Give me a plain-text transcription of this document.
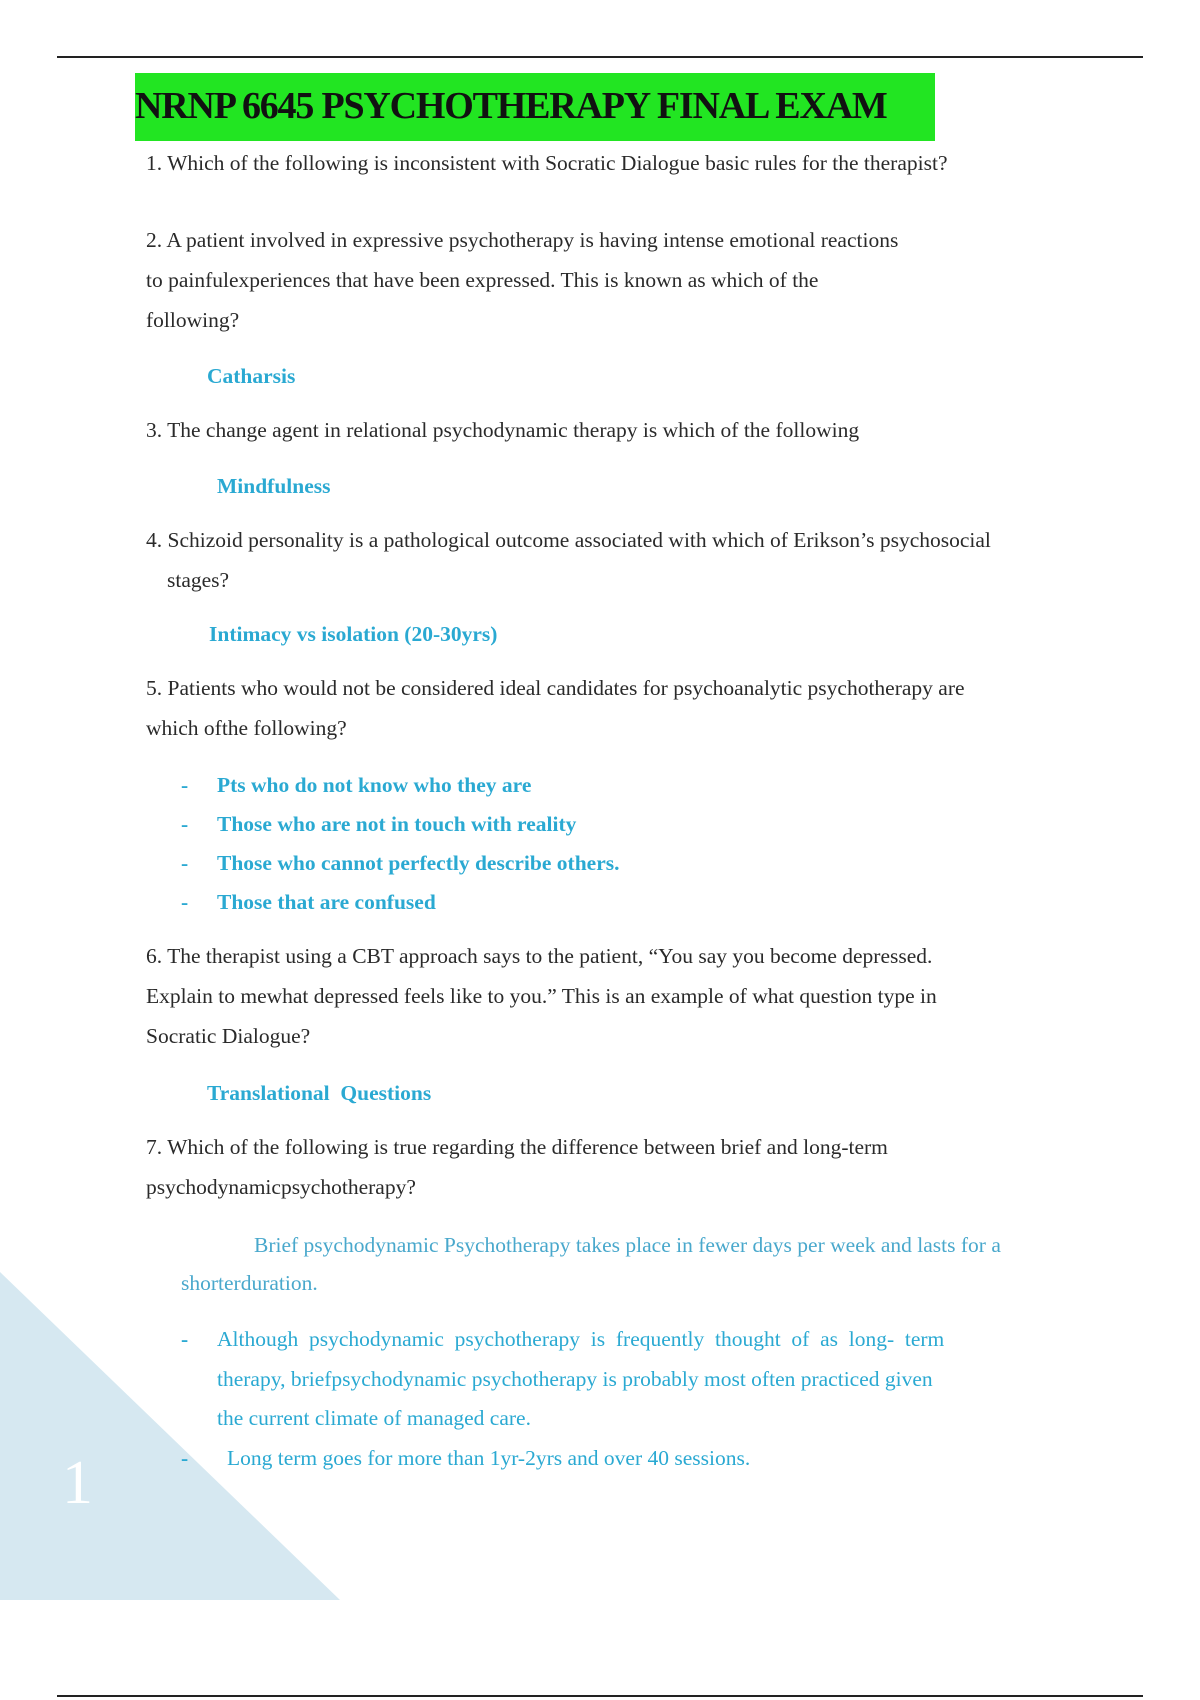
1
NRNP 6645 PSYCHOTHERAPY FINAL EXAM
1. Which of the following is inconsistent with Socratic Dialogue basic rules for the therapist?
2. A patient involved in expressive psychotherapy is having intense emotional reactions
to painfulexperiences that have been expressed. This is known as which of the
following?
Catharsis
3. The change agent in relational psychodynamic therapy is which of the following
Mindfulness
4. Schizoid personality is a pathological outcome associated with which of Erikson’s psychosocial
stages?
Intimacy vs isolation (20-30yrs)
5. Patients who would not be considered ideal candidates for psychoanalytic psychotherapy are
which ofthe following?
- Pts who do not know who they are
- Those who are not in touch with reality
- Those who cannot perfectly describe others.
- Those that are confused
6. The therapist using a CBT approach says to the patient, “You say you become depressed.
Explain to mewhat depressed feels like to you.” This is an example of what question type in
Socratic Dialogue?
Translational  Questions
7. Which of the following is true regarding the difference between brief and long-term
psychodynamicpsychotherapy?
Brief psychodynamic Psychotherapy takes place in fewer days per week and lasts for a
shorterduration.
- Although  psychodynamic  psychotherapy  is  frequently  thought  of  as  long-  term
therapy, briefpsychodynamic psychotherapy is probably most often practiced given
the current climate of managed care.
- Long term goes for more than 1yr-2yrs and over 40 sessions.
